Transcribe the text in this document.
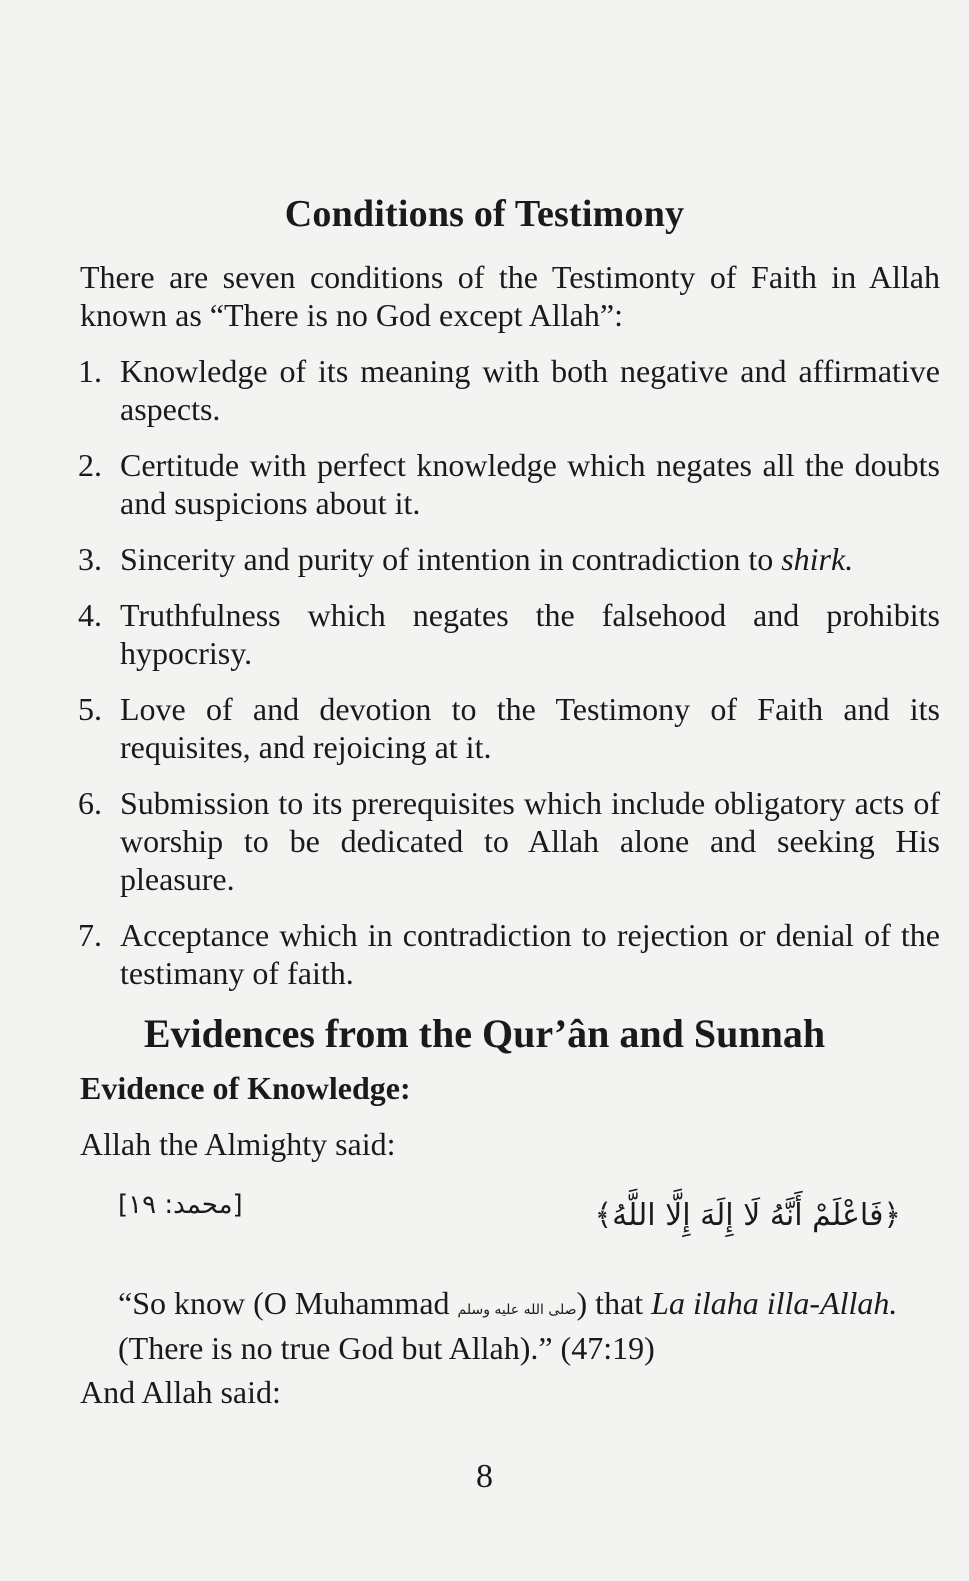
Conditions of Testimony
There are seven conditions of the Testimonty of Faith in Allah known as “There is no God except Allah”:
1. Knowledge of its meaning with both negative and affirmative aspects.
2. Certitude with perfect knowledge which negates all the doubts and suspicions about it.
3. Sincerity and purity of intention in contradiction to shirk.
4. Truthfulness which negates the falsehood and prohibits hypocrisy.
5. Love of and devotion to the Testimony of Faith and its requisites, and rejoicing at it.
6. Submission to its prerequisites which include obligatory acts of worship to be dedicated to Allah alone and seeking His pleasure.
7. Acceptance which in contradiction to rejection or denial of the testimany of faith.
Evidences from the Qur’ân and Sunnah
Evidence of Knowledge:
Allah the Almighty said:
[محمد: ١٩]	﴿فَاعْلَمْ أَنَّهُ لَا إِلَهَ إِلَّا اللَّهُ﴾
“So know (O Muhammad صلى الله عليه وسلم) that La ilaha illa-Allah. (There is no true God but Allah).” (47:19)
And Allah said:
8
